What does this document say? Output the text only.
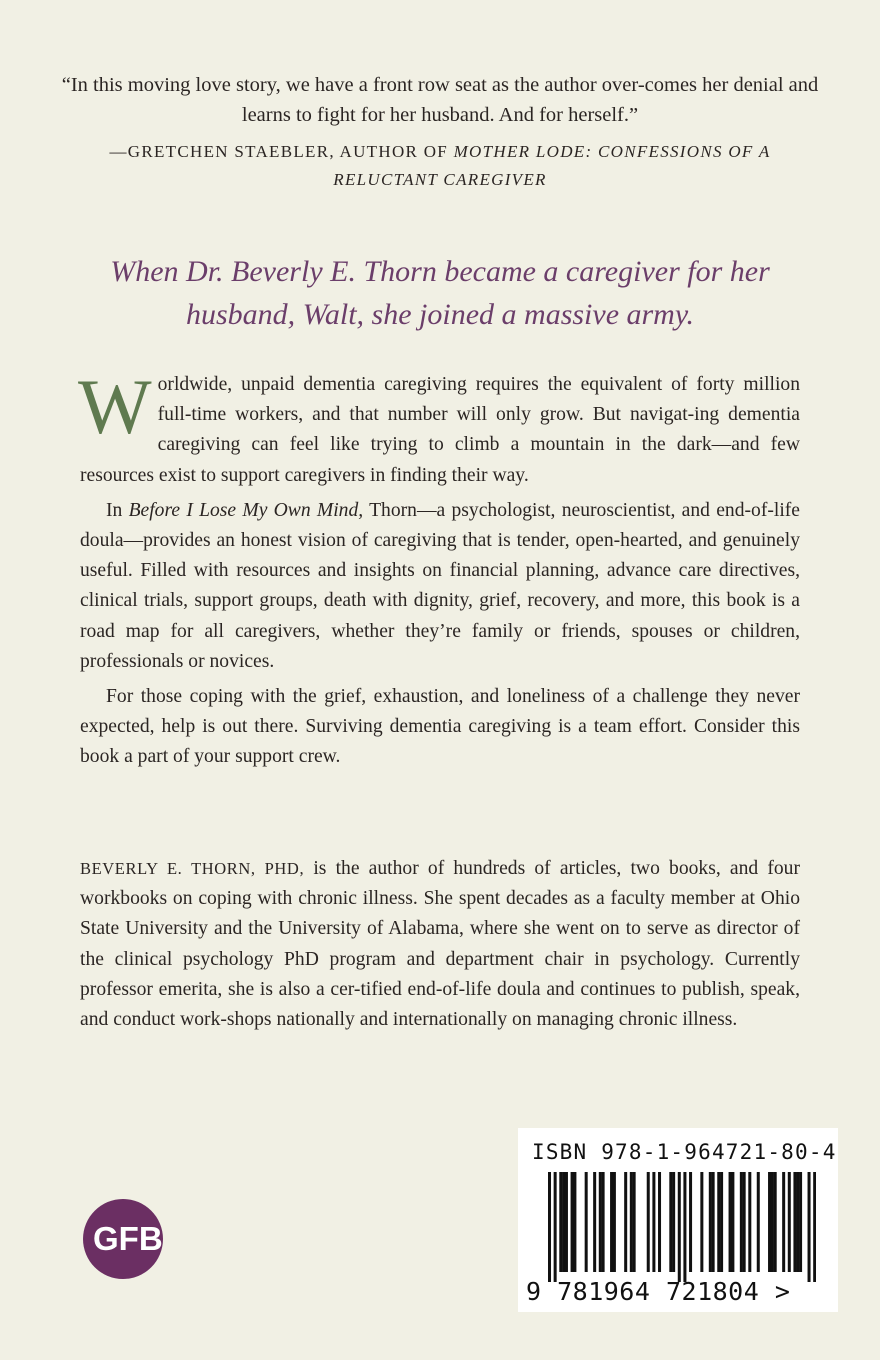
“In this moving love story, we have a front row seat as the author over-comes her denial and learns to fight for her husband. And for herself.”

—GRETCHEN STAEBLER, AUTHOR OF MOTHER LODE: CONFESSIONS OF A RELUCTANT CAREGIVER

When Dr. Beverly E. Thorn became a caregiver for her husband, Walt, she joined a massive army.

Worldwide, unpaid dementia caregiving requires the equivalent of forty million full-time workers, and that number will only grow. But navigat-ing dementia caregiving can feel like trying to climb a mountain in the dark—and few resources exist to support caregivers in finding their way.

In Before I Lose My Own Mind, Thorn—a psychologist, neuroscientist, and end-of-life doula—provides an honest vision of caregiving that is tender, open-hearted, and genuinely useful. Filled with resources and insights on financial planning, advance care directives, clinical trials, support groups, death with dignity, grief, recovery, and more, this book is a road map for all caregivers, whether they’re family or friends, spouses or children, professionals or novices.

For those coping with the grief, exhaustion, and loneliness of a challenge they never expected, help is out there. Surviving dementia caregiving is a team effort. Consider this book a part of your support crew.

BEVERLY E. THORN, PHD, is the author of hundreds of articles, two books, and four workbooks on coping with chronic illness. She spent decades as a faculty member at Ohio State University and the University of Alabama, where she went on to serve as director of the clinical psychology PhD program and department chair in psychology. Currently professor emerita, she is also a cer-tified end-of-life doula and continues to publish, speak, and conduct work-shops nationally and internationally on managing chronic illness.

GFB
ISBN 978-1-964721-80-4
9 781964 721804 >
